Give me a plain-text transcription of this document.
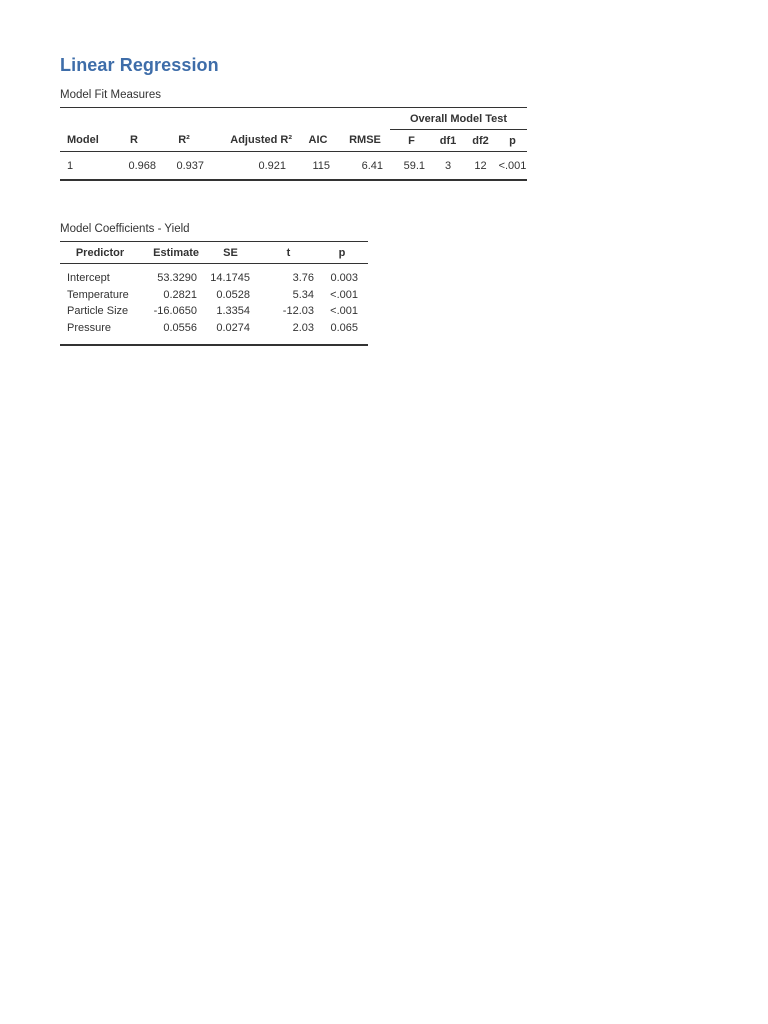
Linear Regression
Model Fit Measures
						Overall Model Test			
Model	R	R²	Adjusted R²	AIC	RMSE	F	df1	df2	p
1	0.968	0.937	0.921	115	6.41	59.1	3	12	<.001
Model Coefficients - Yield
Predictor	Estimate	SE	t	p
Intercept	53.3290	14.1745	3.76	0.003
Temperature	0.2821	0.0528	5.34	<.001
Particle Size	-16.0650	1.3354	-12.03	<.001
Pressure	0.0556	0.0274	2.03	0.065
